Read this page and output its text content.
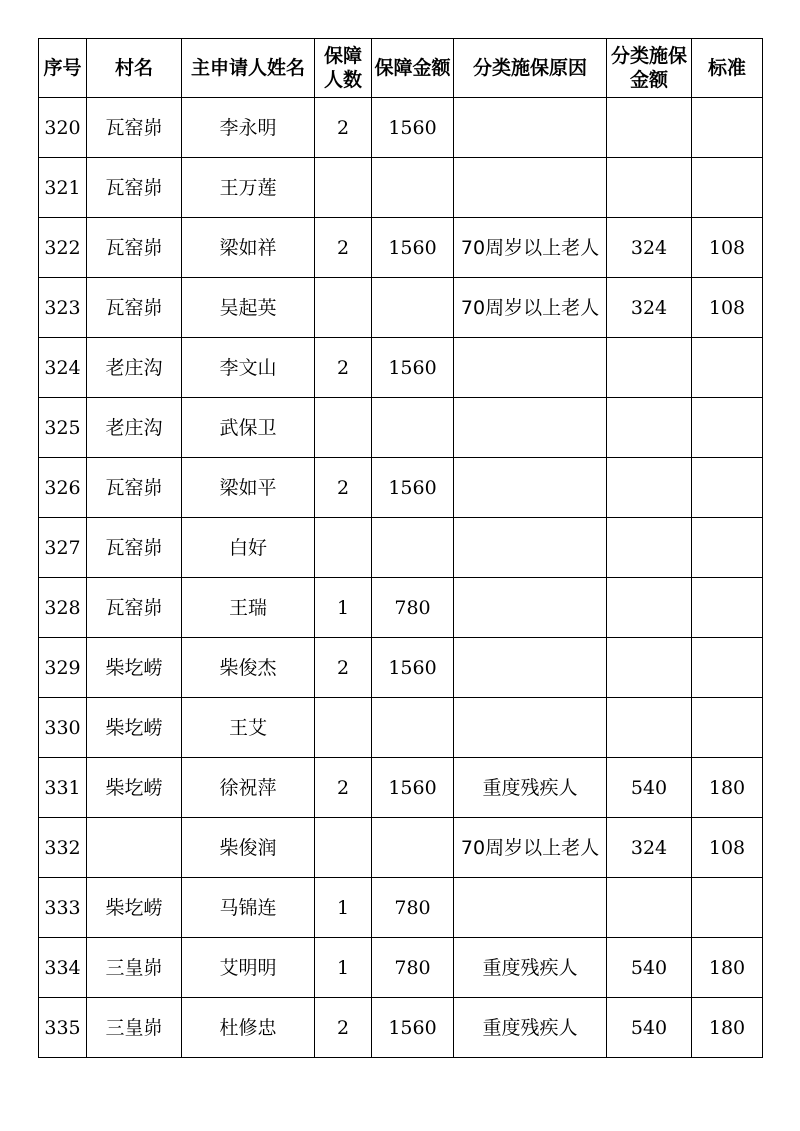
序号	村名	主申请人姓名	保障人数	保障金额	分类施保原因	分类施保金额	标准
320	瓦窑峁	李永明	2	1560			
321	瓦窑峁	王万莲					
322	瓦窑峁	梁如祥	2	1560	70周岁以上老人	324	108
323	瓦窑峁	吴起英			70周岁以上老人	324	108
324	老庄沟	李文山	2	1560			
325	老庄沟	武保卫					
326	瓦窑峁	梁如平	2	1560			
327	瓦窑峁	白好					
328	瓦窑峁	王瑞	1	780			
329	柴圪崂	柴俊杰	2	1560			
330	柴圪崂	王艾					
331	柴圪崂	徐祝萍	2	1560	重度残疾人	540	180
332		柴俊润			70周岁以上老人	324	108
333	柴圪崂	马锦连	1	780			
334	三皇峁	艾明明	1	780	重度残疾人	540	180
335	三皇峁	杜修忠	2	1560	重度残疾人	540	180
